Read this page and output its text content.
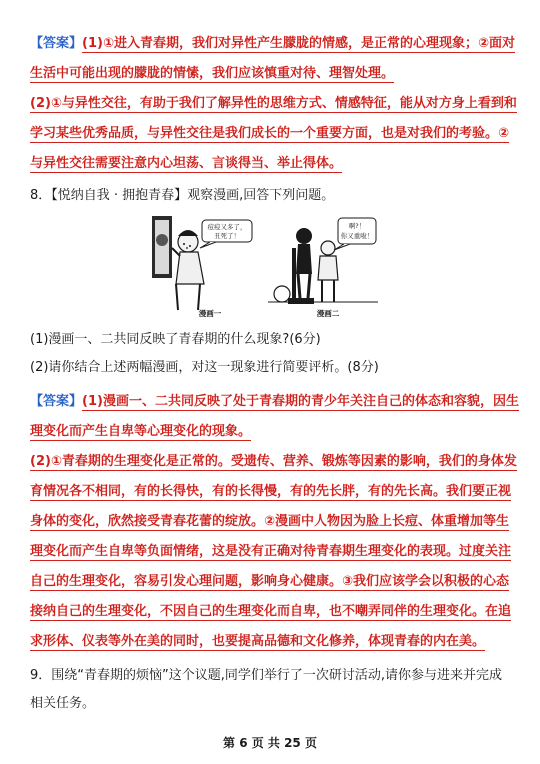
【答案】(1)①进入青春期，我们对异性产生朦胧的情感，是正常的心理现象；②面对
生活中可能出现的朦胧的情愫，我们应该慎重对待、理智处理。
(2)①与异性交往，有助于我们了解异性的思维方式、情感特征，能从对方身上看到和
学习某些优秀品质，与异性交往是我们成长的一个重要方面，也是对我们的考验。②
与异性交往需要注意内心坦荡、言谈得当、举止得体。
8．【悦纳自我 · 拥抱青春】观察漫画,回答下列问题。
痘痘又多了，丑死了！
漫画一
啊?！你又重啦！
漫画二
(1)漫画一、二共同反映了青春期的什么现象?(6分)
(2)请你结合上述两幅漫画，对这一现象进行简要评析。(8分)
【答案】(1)漫画一、二共同反映了处于青春期的青少年关注自己的体态和容貌，因生
理变化而产生自卑等心理变化的现象。
(2)①青春期的生理变化是正常的。受遗传、营养、锻炼等因素的影响，我们的身体发
育情况各不相同，有的长得快，有的长得慢，有的先长胖，有的先长高。我们要正视
身体的变化，欣然接受青春花蕾的绽放。②漫画中人物因为脸上长痘、体重增加等生
理变化而产生自卑等负面情绪，这是没有正确对待青春期生理变化的表现。过度关注
自己的生理变化，容易引发心理问题，影响身心健康。③我们应该学会以积极的心态
接纳自己的生理变化，不因自己的生理变化而自卑，也不嘲弄同伴的生理变化。在追
求形体、仪表等外在美的同时，也要提高品德和文化修养，体现青春的内在美。
9．围绕“青春期的烦恼”这个议题,同学们举行了一次研讨活动,请你参与进来并完成
相关任务。
第 6 页 共 25 页
